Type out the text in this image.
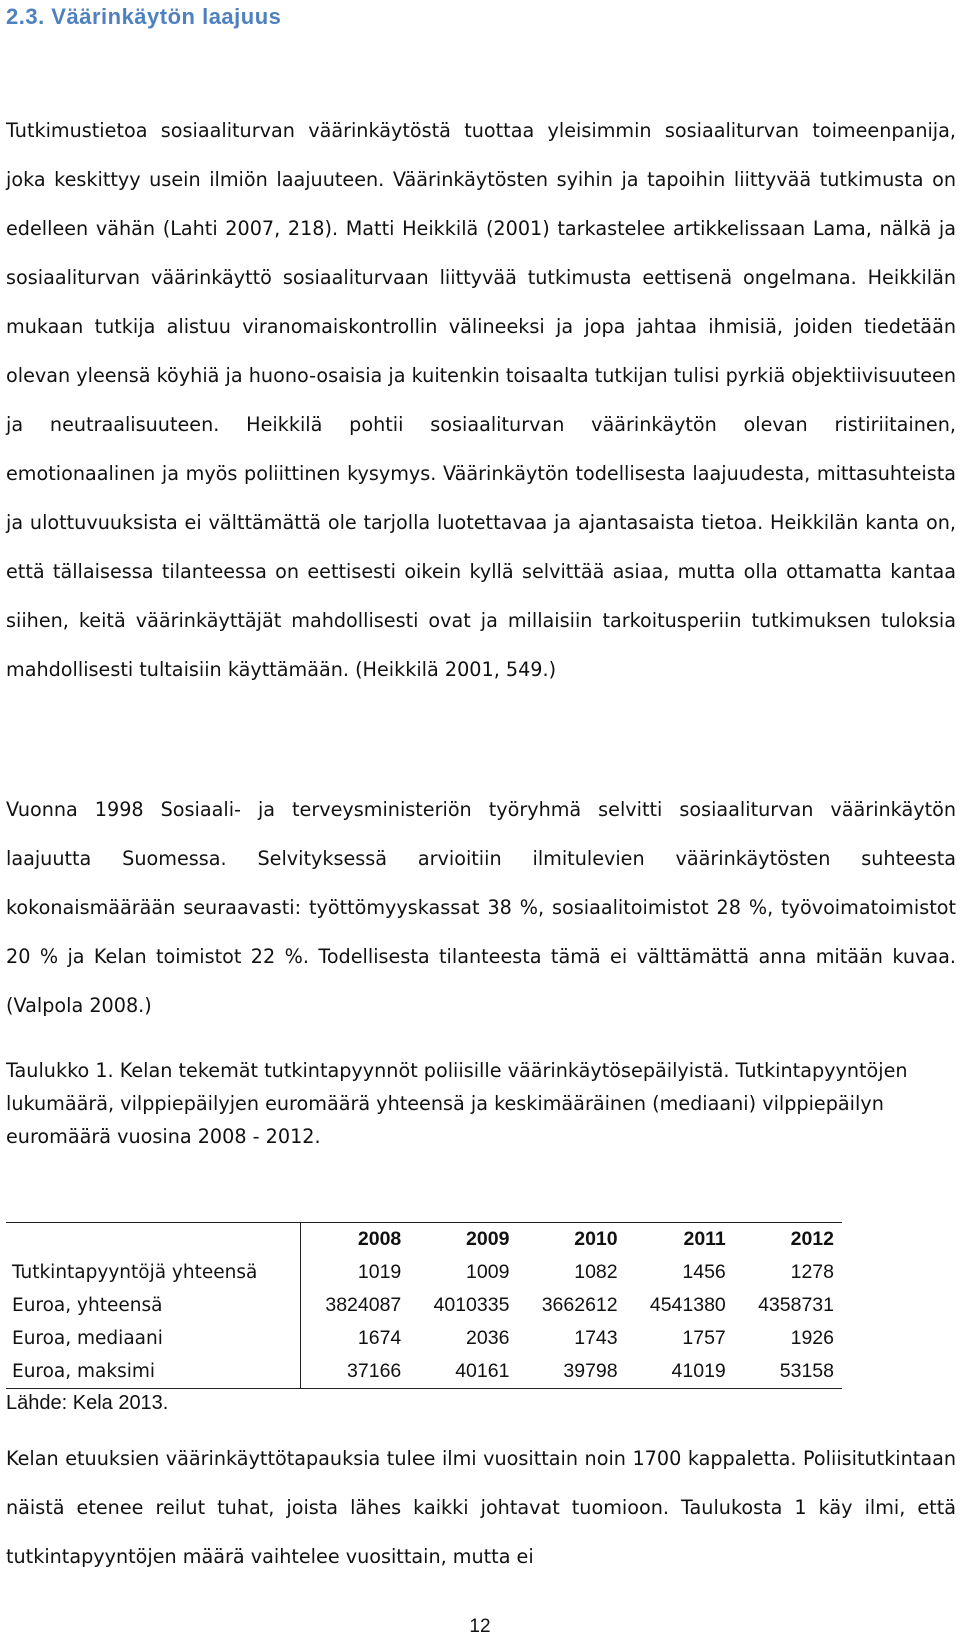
2.3. Väärinkäytön laajuus

Tutkimustietoa sosiaaliturvan väärinkäytöstä tuottaa yleisimmin sosiaaliturvan toimeenpanija, joka keskittyy usein ilmiön laajuuteen. Väärinkäytösten syihin ja tapoihin liittyvää tutkimusta on edelleen vähän (Lahti 2007, 218). Matti Heikkilä (2001) tarkastelee artikkelissaan Lama, nälkä ja sosiaaliturvan väärinkäyttö sosiaaliturvaan liittyvää tutkimusta eettisenä ongelmana. Heikkilän mukaan tutkija alistuu viranomaiskontrollin välineeksi ja jopa jahtaa ihmisiä, joiden tiedetään olevan yleensä köyhiä ja huono-osaisia ja kuitenkin toisaalta tutkijan tulisi pyrkiä objektiivisuuteen ja neutraalisuuteen. Heikkilä pohtii sosiaaliturvan väärinkäytön olevan ristiriitainen, emotionaalinen ja myös poliittinen kysymys. Väärinkäytön todellisesta laajuudesta, mittasuhteista ja ulottuvuuksista ei välttämättä ole tarjolla luotettavaa ja ajantasaista tietoa. Heikkilän kanta on, että tällaisessa tilanteessa on eettisesti oikein kyllä selvittää asiaa, mutta olla ottamatta kantaa siihen, keitä väärinkäyttäjät mahdollisesti ovat ja millaisiin tarkoitusperiin tutkimuksen tuloksia mahdollisesti tultaisiin käyttämään. (Heikkilä 2001, 549.)

Vuonna 1998 Sosiaali- ja terveysministeriön työryhmä selvitti sosiaaliturvan väärinkäytön laajuutta Suomessa. Selvityksessä arvioitiin ilmitulevien väärinkäytösten suhteesta kokonaismäärään seuraavasti: työttömyyskassat 38 %, sosiaalitoimistot 28 %, työvoimatoimistot 20 % ja Kelan toimistot 22 %. Todellisesta tilanteesta tämä ei välttämättä anna mitään kuvaa. (Valpola 2008.)

Taulukko 1. Kelan tekemät tutkintapyynnöt poliisille väärinkäytösepäilyistä. Tutkintapyyntöjen lukumäärä, vilppiepäilyjen euromäärä yhteensä ja keskimääräinen (mediaani) vilppiepäilyn euromäärä vuosina 2008 - 2012.

	2008	2009	2010	2011	2012
Tutkintapyyntöjä yhteensä	1019	1009	1082	1456	1278
Euroa, yhteensä	3824087	4010335	3662612	4541380	4358731
Euroa, mediaani	1674	2036	1743	1757	1926
Euroa, maksimi	37166	40161	39798	41019	53158

Lähde: Kela 2013.

Kelan etuuksien väärinkäyttötapauksia tulee ilmi vuosittain noin 1700 kappaletta. Poliisitutkintaan näistä etenee reilut tuhat, joista lähes kaikki johtavat tuomioon. Taulukosta 1 käy ilmi, että tutkintapyyntöjen määrä vaihtelee vuosittain, mutta ei

12
